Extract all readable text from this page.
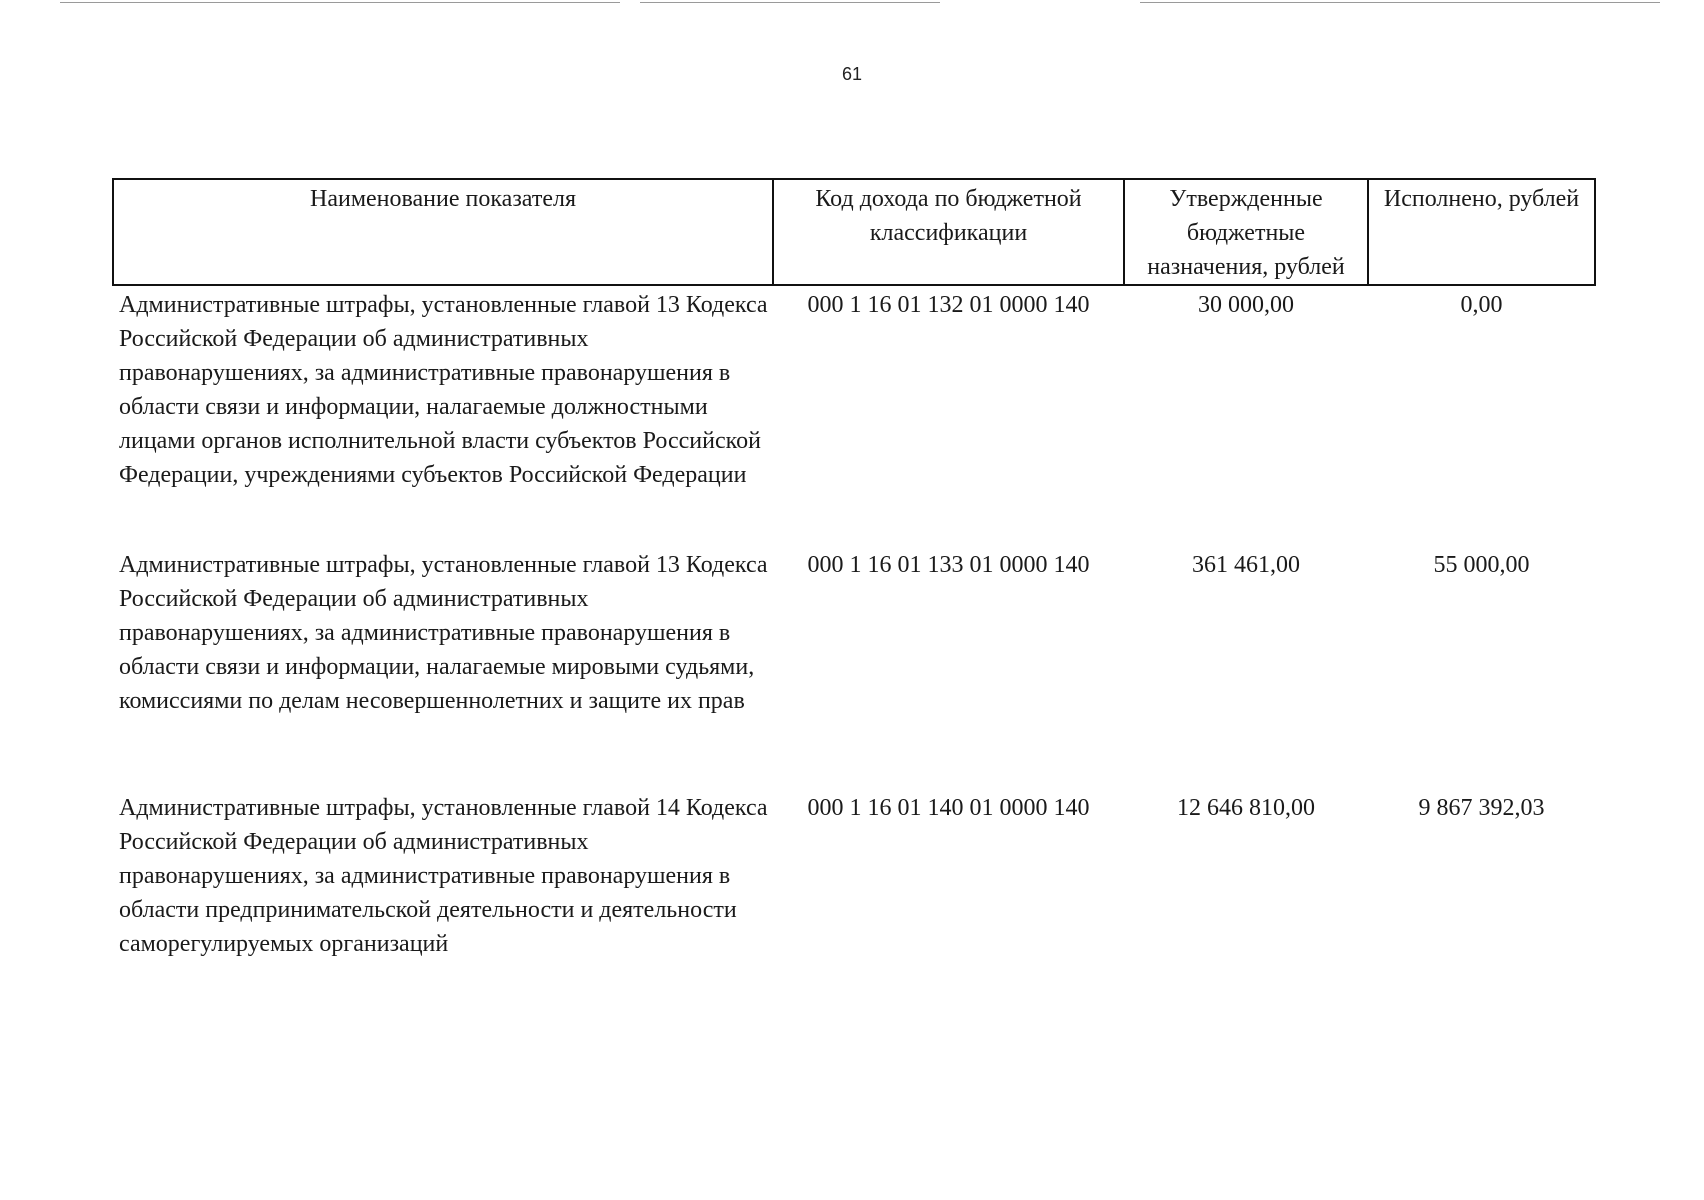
61
Наименование показателя	Код дохода по бюджетной классификации	Утвержденные бюджетные назначения, рублей	Исполнено, рублей
Административные штрафы, установленные главой 13 Кодекса Российской Федерации об административных правонарушениях, за административные правонарушения в области связи и информации, налагаемые должностными лицами органов исполнительной власти субъектов Российской Федерации, учреждениями субъектов Российской Федерации	000 1 16 01 132 01 0000 140	30 000,00	0,00
Административные штрафы, установленные главой 13 Кодекса Российской Федерации об административных правонарушениях, за административные правонарушения в области связи и информации, налагаемые мировыми судьями, комиссиями по делам несовершеннолетних и защите их прав	000 1 16 01 133 01 0000 140	361 461,00	55 000,00
Административные штрафы, установленные главой 14 Кодекса Российской Федерации об административных правонарушениях, за административные правонарушения в области предпринимательской деятельности и деятельности саморегулируемых организаций	000 1 16 01 140 01 0000 140	12 646 810,00	9 867 392,03
